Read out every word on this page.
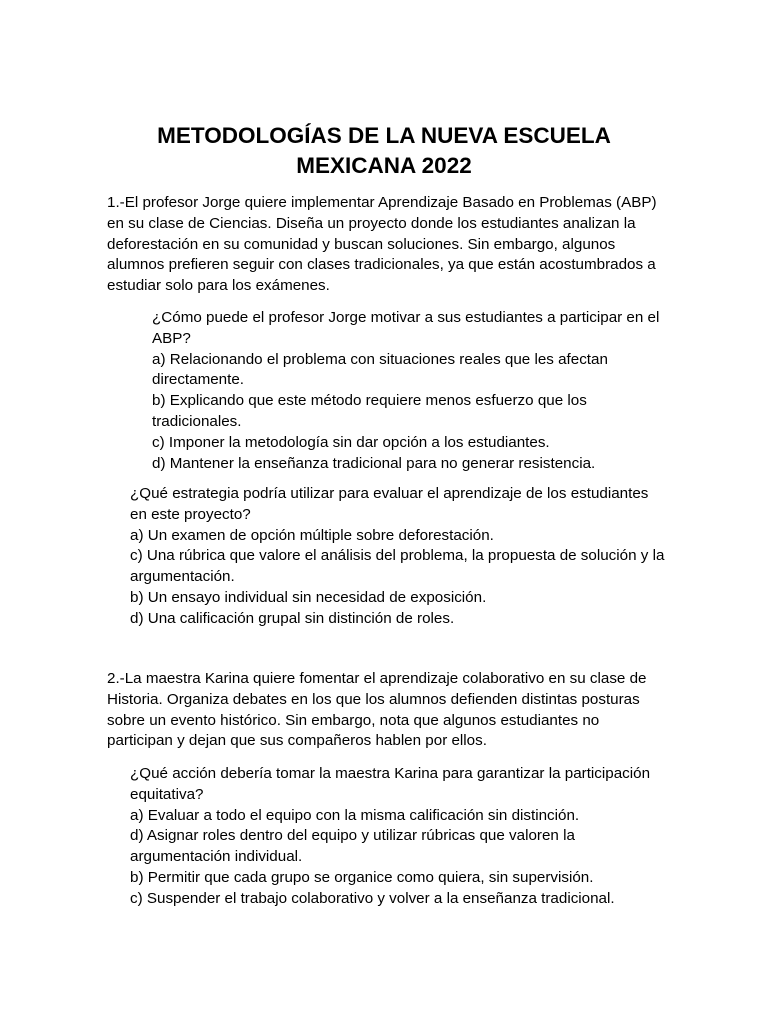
METODOLOGÍAS DE LA NUEVA ESCUELA
MEXICANA 2022
1.-El profesor Jorge quiere implementar Aprendizaje Basado en Problemas (ABP)
en su clase de Ciencias. Diseña un proyecto donde los estudiantes analizan la
deforestación en su comunidad y buscan soluciones. Sin embargo, algunos
alumnos prefieren seguir con clases tradicionales, ya que están acostumbrados a
estudiar solo para los exámenes.
¿Cómo puede el profesor Jorge motivar a sus estudiantes a participar en el
ABP?
a) Relacionando el problema con situaciones reales que les afectan
directamente.
b) Explicando que este método requiere menos esfuerzo que los
tradicionales.
c) Imponer la metodología sin dar opción a los estudiantes.
d) Mantener la enseñanza tradicional para no generar resistencia.
¿Qué estrategia podría utilizar para evaluar el aprendizaje de los estudiantes
en este proyecto?
a) Un examen de opción múltiple sobre deforestación.
c) Una rúbrica que valore el análisis del problema, la propuesta de solución y la
argumentación.
b) Un ensayo individual sin necesidad de exposición.
d) Una calificación grupal sin distinción de roles.
2.-La maestra Karina quiere fomentar el aprendizaje colaborativo en su clase de
Historia. Organiza debates en los que los alumnos defienden distintas posturas
sobre un evento histórico. Sin embargo, nota que algunos estudiantes no
participan y dejan que sus compañeros hablen por ellos.
¿Qué acción debería tomar la maestra Karina para garantizar la participación
equitativa?
a) Evaluar a todo el equipo con la misma calificación sin distinción.
d) Asignar roles dentro del equipo y utilizar rúbricas que valoren la
argumentación individual.
b) Permitir que cada grupo se organice como quiera, sin supervisión.
c) Suspender el trabajo colaborativo y volver a la enseñanza tradicional.
